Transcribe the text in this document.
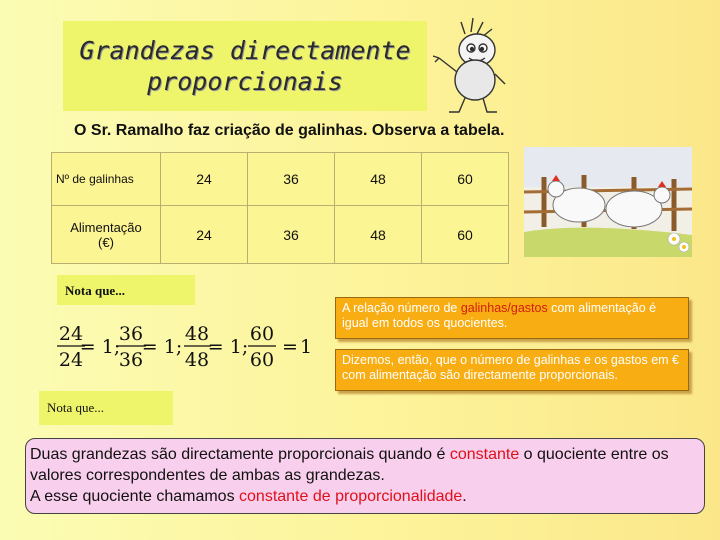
Grandezas directamente
proporcionais
O Sr. Ramalho faz criação de galinhas. Observa a tabela.
Nº de galinhas	24	36	48	60

Alimentação
(€)	24	36	48	60
Nota que...
24
24
= 1;
36
36
= 1;
48
48
= 1;
60
60
= 1
A relação número de galinhas/gastos com alimentação é igual em todos os quocientes.
Dizemos, então, que o número de galinhas e os gastos em € com alimentação são directamente proporcionais.
Nota que...
Duas grandezas são directamente proporcionais quando é constante o quociente entre os valores correspondentes de ambas as grandezas.
A esse quociente chamamos constante de proporcionalidade.
